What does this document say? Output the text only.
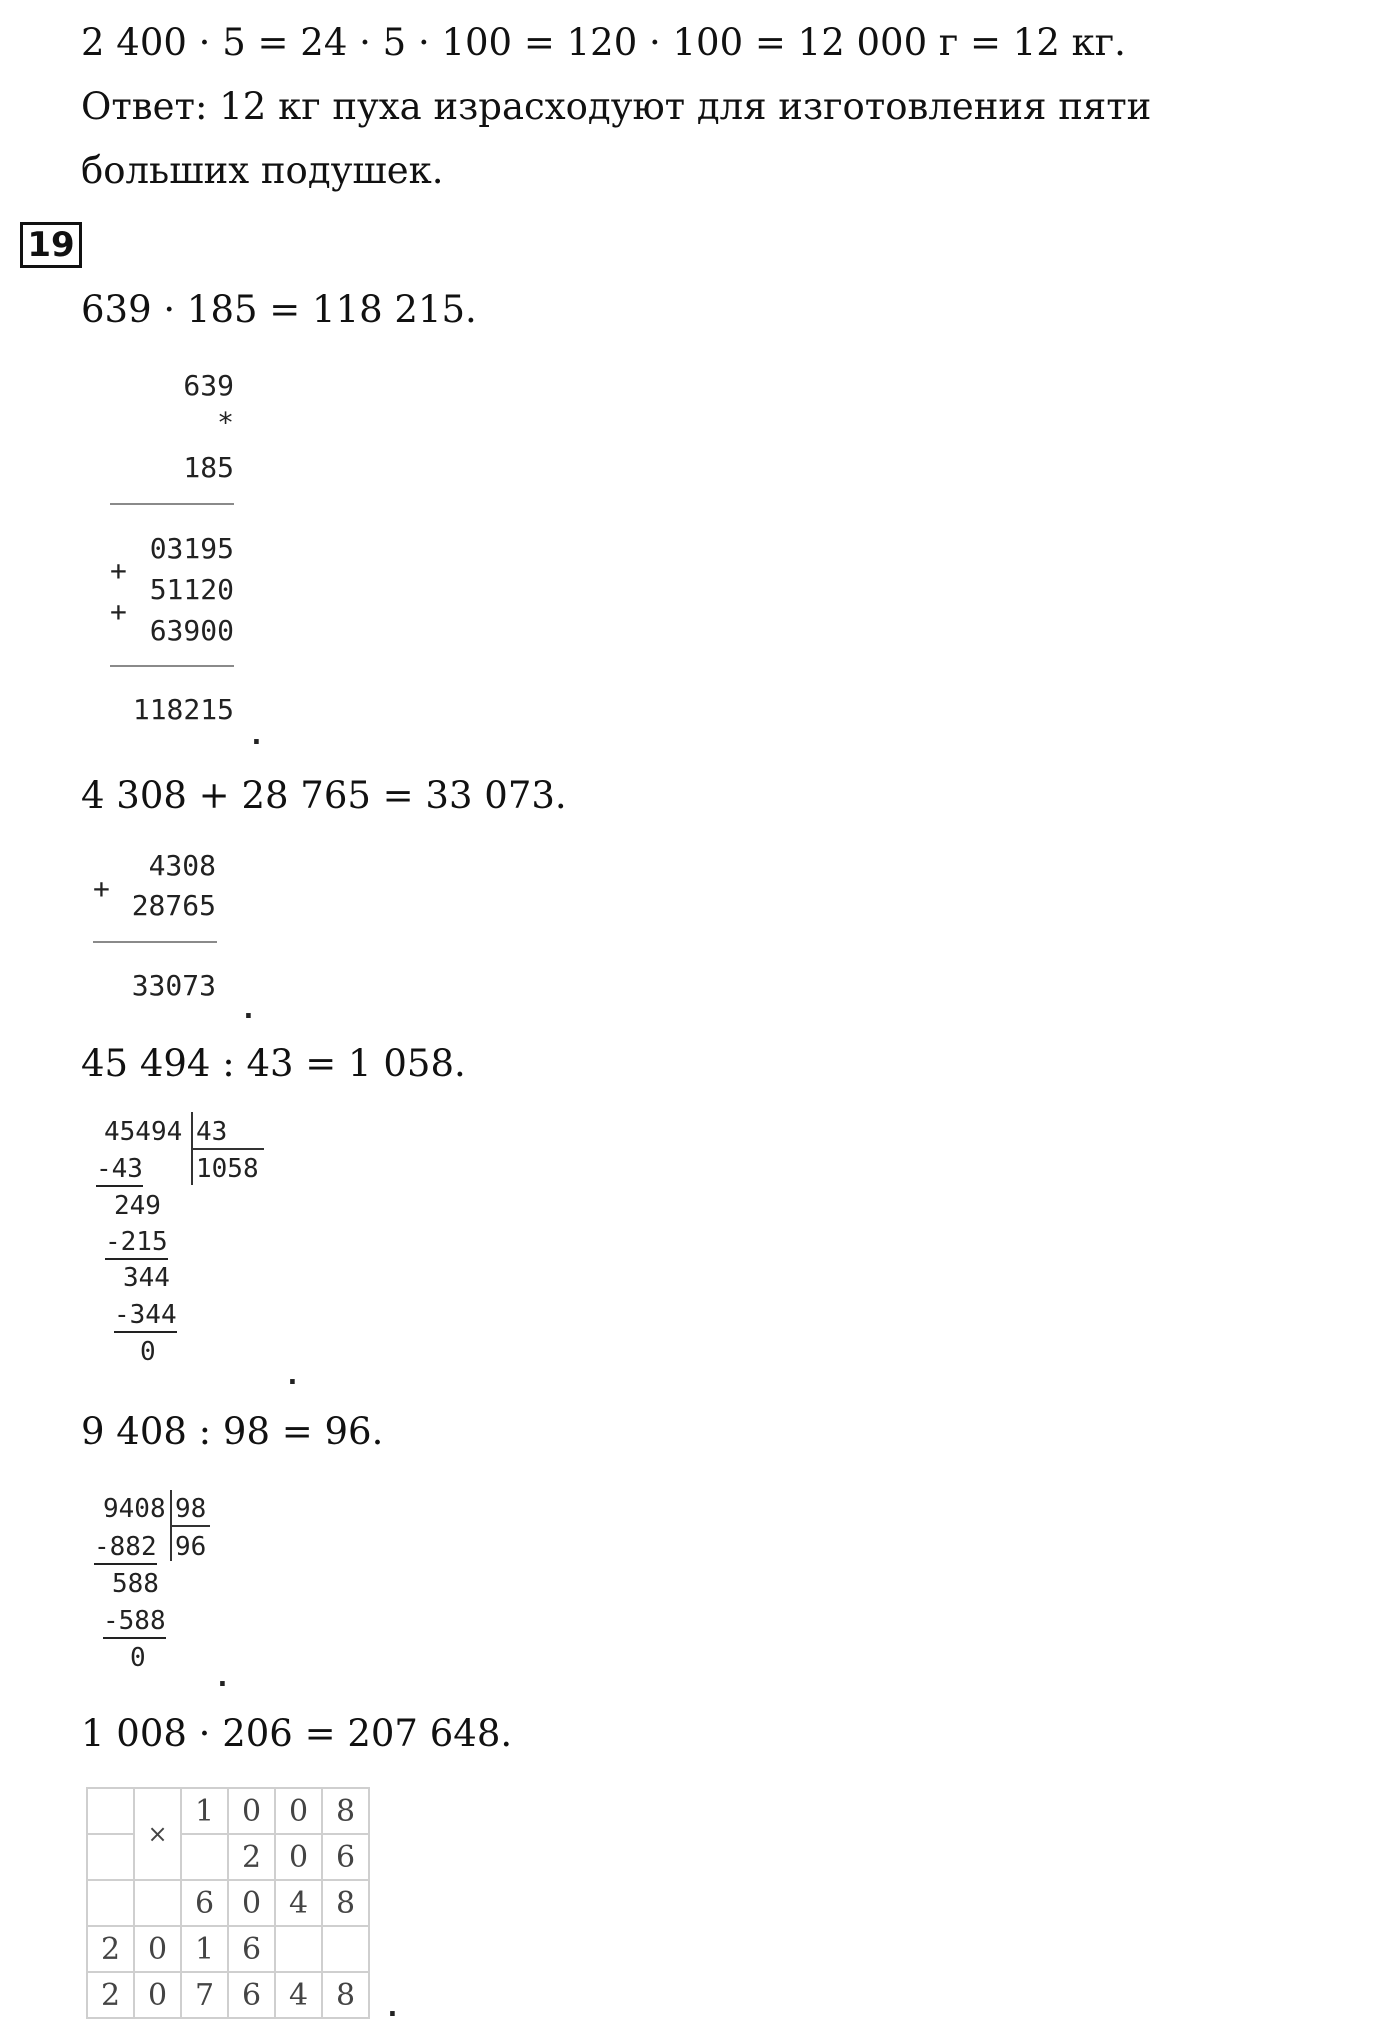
2 400 · 5 = 24 · 5 · 100 = 120 · 100 = 12 000 г = 12 кг.
Ответ: 12 кг пуха израсходуют для изготовления пяти
больших подушек.
19
639 · 185 = 118 215.
639
*
185
03195
+
51120
+
63900
118215
.
4 308 + 28 765 = 33 073.
4308
+
28765
33073
.
45 494 : 43 = 1 058.
45494 43
1058
-43
249
-215
344
-344
0
.
9 408 : 98 = 96.
9408 98
96
-882
588
-588
0
.
1 008 · 206 = 207 648.
	×	1	0	0	8
			2	0	6
		6	0	4	8
2	0	1	6		
2	0	7	6	4	8 .
